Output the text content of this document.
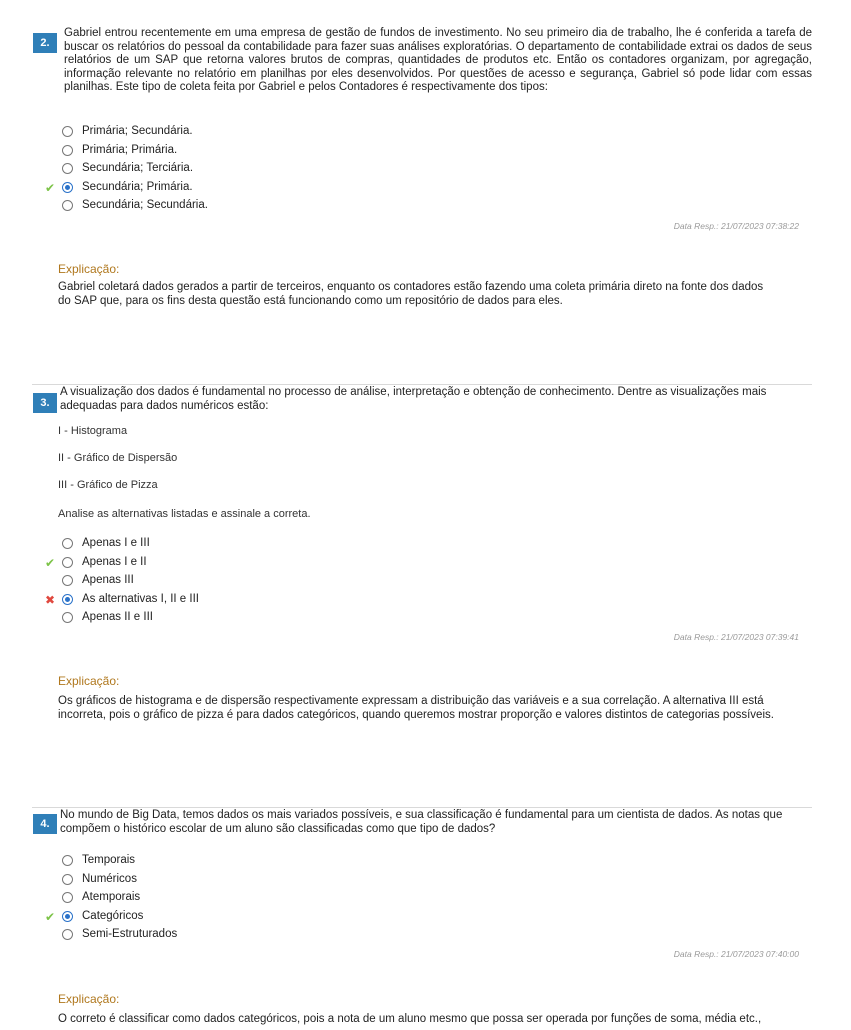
2.
Gabriel entrou recentemente em uma empresa de gestão de fundos de investimento. No seu primeiro dia de trabalho, lhe é conferida a tarefa de buscar os relatórios do pessoal da contabilidade para fazer suas análises exploratórias. O departamento de contabilidade extrai os dados de seus relatórios de um SAP que retorna valores brutos de compras, quantidades de produtos etc. Então os contadores organizam, por agregação, informação relevante no relatório em planilhas por eles desenvolvidos. Por questões de acesso e segurança, Gabriel só pode lidar com essas planilhas. Este tipo de coleta feita por Gabriel e pelos Contadores é respectivamente dos tipos:
Primária; Secundária.
Primária; Primária.
Secundária; Terciária.
✔ Secundária; Primária.
Secundária; Secundária.
Data Resp.: 21/07/2023 07:38:22
Explicação:
Gabriel coletará dados gerados a partir de terceiros, enquanto os contadores estão fazendo uma coleta primária direto na fonte dos dados do SAP que, para os fins desta questão está funcionando como um repositório de dados para eles.
3.
A visualização dos dados é fundamental no processo de análise, interpretação e obtenção de conhecimento. Dentre as visualizações mais adequadas para dados numéricos estão:
I - Histograma
II - Gráfico de Dispersão
III - Gráfico de Pizza
Analise as alternativas listadas e assinale a correta.
Apenas I e III
✔ Apenas I e II
Apenas III
✖ As alternativas I, II e III
Apenas II e III
Data Resp.: 21/07/2023 07:39:41
Explicação:
Os gráficos de histograma e de dispersão respectivamente expressam a distribuição das variáveis e a sua correlação. A alternativa III está incorreta, pois o gráfico de pizza é para dados categóricos, quando queremos mostrar proporção e valores distintos de categorias possíveis.
4.
No mundo de Big Data, temos dados os mais variados possíveis, e sua classificação é fundamental para um cientista de dados. As notas que compõem o histórico escolar de um aluno são classificadas como que tipo de dados?
Temporais
Numéricos
Atemporais
✔ Categóricos
Semi-Estruturados
Data Resp.: 21/07/2023 07:40:00
Explicação:
O correto é classificar como dados categóricos, pois a nota de um aluno mesmo que possa ser operada por funções de soma, média etc.,
